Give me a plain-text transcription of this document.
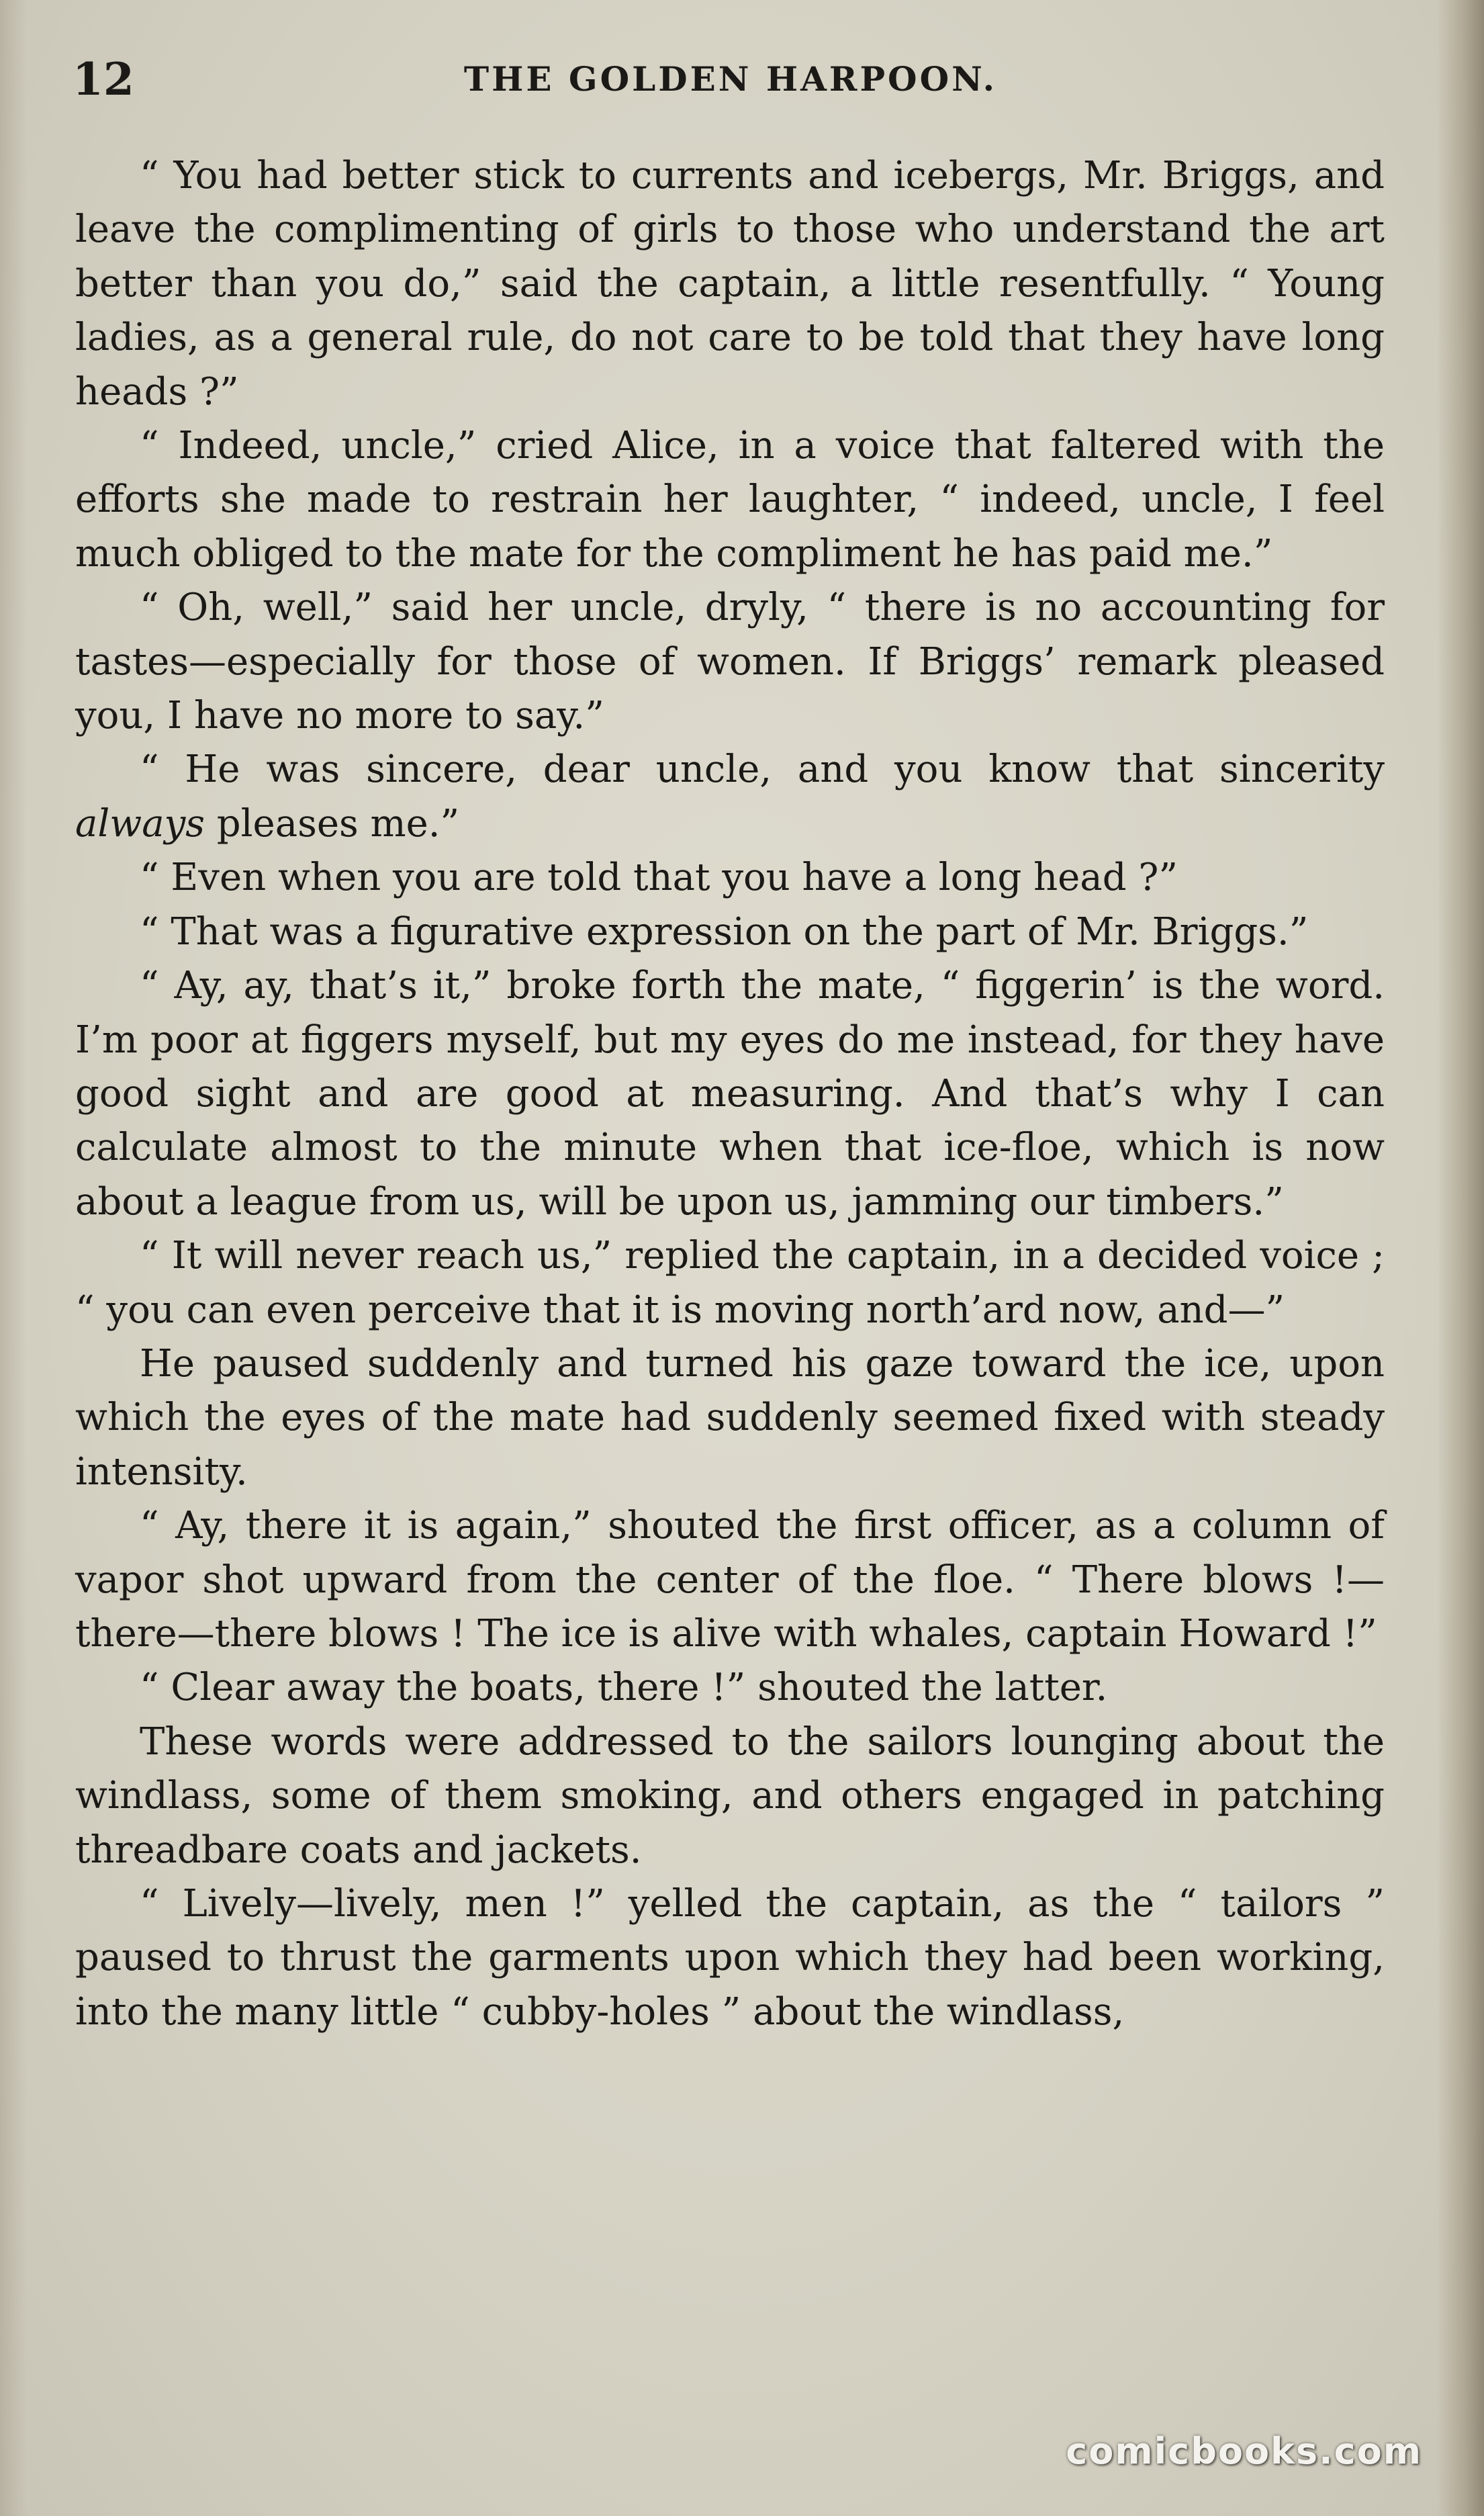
12	THE GOLDEN HARPOON.

“ You had better stick to currents and icebergs, Mr. Briggs, and leave the complimenting of girls to those who understand the art better than you do,” said the captain, a little resentfully. “ Young ladies, as a general rule, do not care to be told that they have long heads ?”

“ Indeed, uncle,” cried Alice, in a voice that faltered with the efforts she made to restrain her laughter, “ indeed, uncle, I feel much obliged to the mate for the compliment he has paid me.”

“ Oh, well,” said her uncle, dryly, “ there is no accounting for tastes—especially for those of women. If Briggs’ remark pleased you, I have no more to say.”

“ He was sincere, dear uncle, and you know that sincerity always pleases me.”

“ Even when you are told that you have a long head ?”

“ That was a figurative expression on the part of Mr. Briggs.”

“ Ay, ay, that’s it,” broke forth the mate, “ figgerin’ is the word. I’m poor at figgers myself, but my eyes do me instead, for they have good sight and are good at measuring. And that’s why I can calculate almost to the minute when that ice-floe, which is now about a league from us, will be upon us, jamming our timbers.”

“ It will never reach us,” replied the captain, in a decided voice ; “ you can even perceive that it is moving north’ard now, and—”

He paused suddenly and turned his gaze toward the ice, upon which the eyes of the mate had suddenly seemed fixed with steady intensity.

“ Ay, there it is again,” shouted the first officer, as a column of vapor shot upward from the center of the floe. “ There blows !—there—there blows ! The ice is alive with whales, captain Howard !”

“ Clear away the boats, there !” shouted the latter.

These words were addressed to the sailors lounging about the windlass, some of them smoking, and others engaged in patching threadbare coats and jackets.

“ Lively—lively, men !” yelled the captain, as the “ tailors ” paused to thrust the garments upon which they had been working, into the many little “ cubby-holes ” about the windlass,

comicbooks.com
